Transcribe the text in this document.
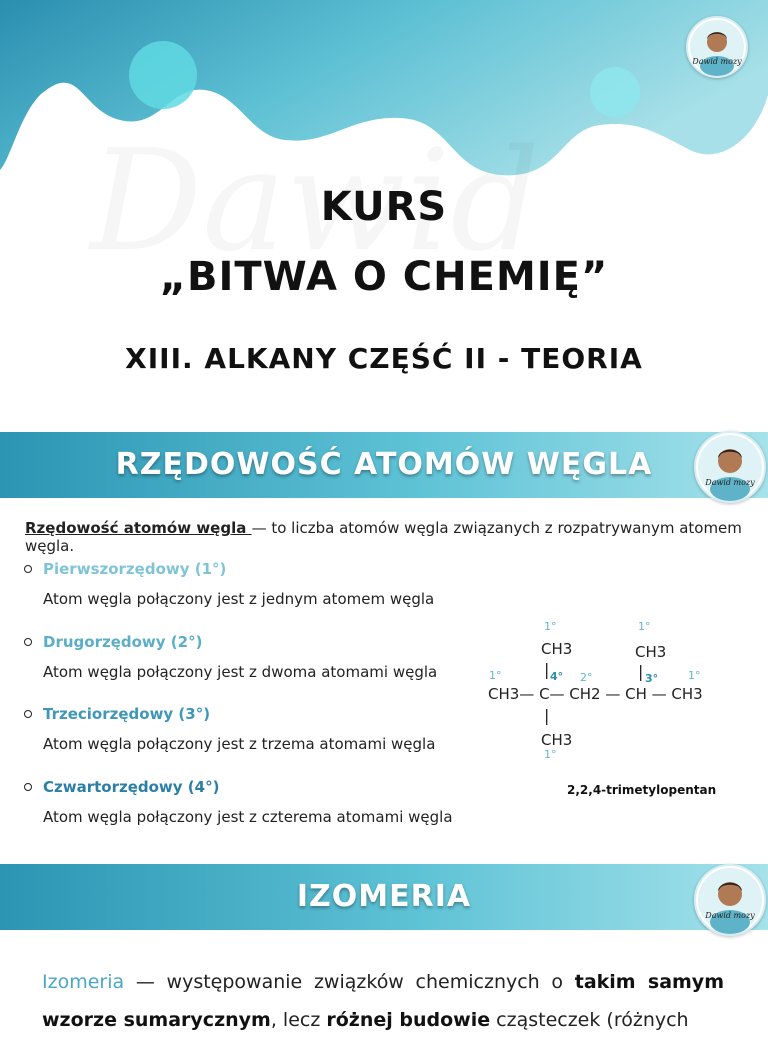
Dawid mozy
KURS
„BITWA O CHEMIĘ”
XIII. ALKANY CZĘŚĆ II - TEORIA
RZĘDOWOŚĆ ATOMÓW WĘGLA
Dawid mozy
Rzędowość atomów węgla — to liczba atomów węgla związanych z rozpatrywanym atomem węgla.
Pierwszorzędowy (1°)
Atom węgla połączony jest z jednym atomem węgla
Drugorzędowy (2°)
Atom węgla połączony jest z dwoma atomami węgla
Trzeciorzędowy (3°)
Atom węgla połączony jest z trzema atomami węgla
Czwartorzędowy (4°)
Atom węgla połączony jest z czterema atomami węgla
1°
CH3
1°
CH3
|	|
1°	4° 2°	3°	1°
CH3— C— CH2 — CH — CH3
|
CH3
1°
2,2,4-trimetylopentan
IZOMERIA
Dawid mozy
Izomeria — występowanie związków chemicznych o takim samym wzorze sumarycznym, lecz różnej budowie cząsteczek (różnych
